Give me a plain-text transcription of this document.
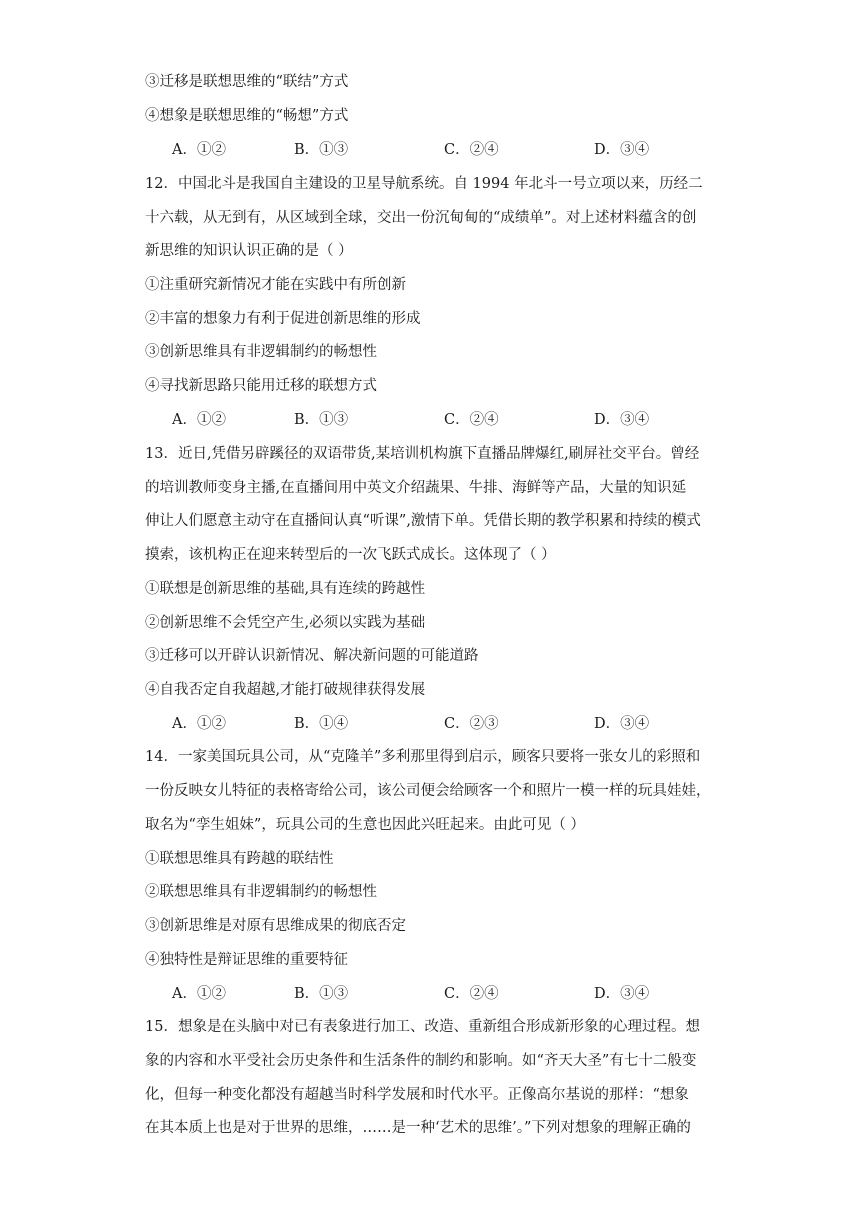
③迁移是联想思维的“联结”方式
④想象是联想思维的“畅想”方式
A．①②	B．①③	C．②④	D．③④
12．中国北斗是我国自主建设的卫星导航系统。自 1994 年北斗一号立项以来，历经二
十六载，从无到有，从区域到全球，交出一份沉甸甸的“成绩单”。对上述材料蕴含的创
新思维的知识认识正确的是（ ）
①注重研究新情况才能在实践中有所创新
②丰富的想象力有利于促进创新思维的形成
③创新思维具有非逻辑制约的畅想性
④寻找新思路只能用迁移的联想方式
A．①②	B．①③	C．②④	D．③④
13．近日,凭借另辟蹊径的双语带货,某培训机构旗下直播品牌爆红,刷屏社交平台。曾经
的培训教师变身主播,在直播间用中英文介绍蔬果、牛排、海鲜等产品，大量的知识延
伸让人们愿意主动守在直播间认真“听课”,激情下单。凭借长期的教学积累和持续的模式
摸索，该机构正在迎来转型后的一次飞跃式成长。这体现了（ ）
①联想是创新思维的基础,具有连续的跨越性
②创新思维不会凭空产生,必须以实践为基础
③迁移可以开辟认识新情况、解决新问题的可能道路
④自我否定自我超越,才能打破规律获得发展
A．①②	B．①④	C．②③	D．③④
14．一家美国玩具公司，从“克隆羊”多利那里得到启示，顾客只要将一张女儿的彩照和
一份反映女儿特征的表格寄给公司，该公司便会给顾客一个和照片一模一样的玩具娃娃，
取名为“孪生姐妹”，玩具公司的生意也因此兴旺起来。由此可见（ ）
①联想思维具有跨越的联结性
②联想思维具有非逻辑制约的畅想性
③创新思维是对原有思维成果的彻底否定
④独特性是辩证思维的重要特征
A．①②	B．①③	C．②④	D．③④
15．想象是在头脑中对已有表象进行加工、改造、重新组合形成新形象的心理过程。想
象的内容和水平受社会历史条件和生活条件的制约和影响。如“齐天大圣”有七十二般变
化，但每一种变化都没有超越当时科学发展和时代水平。正像高尔基说的那样：“想象
在其本质上也是对于世界的思维，……是一种‘艺术的思维’。”下列对想象的理解正确的
